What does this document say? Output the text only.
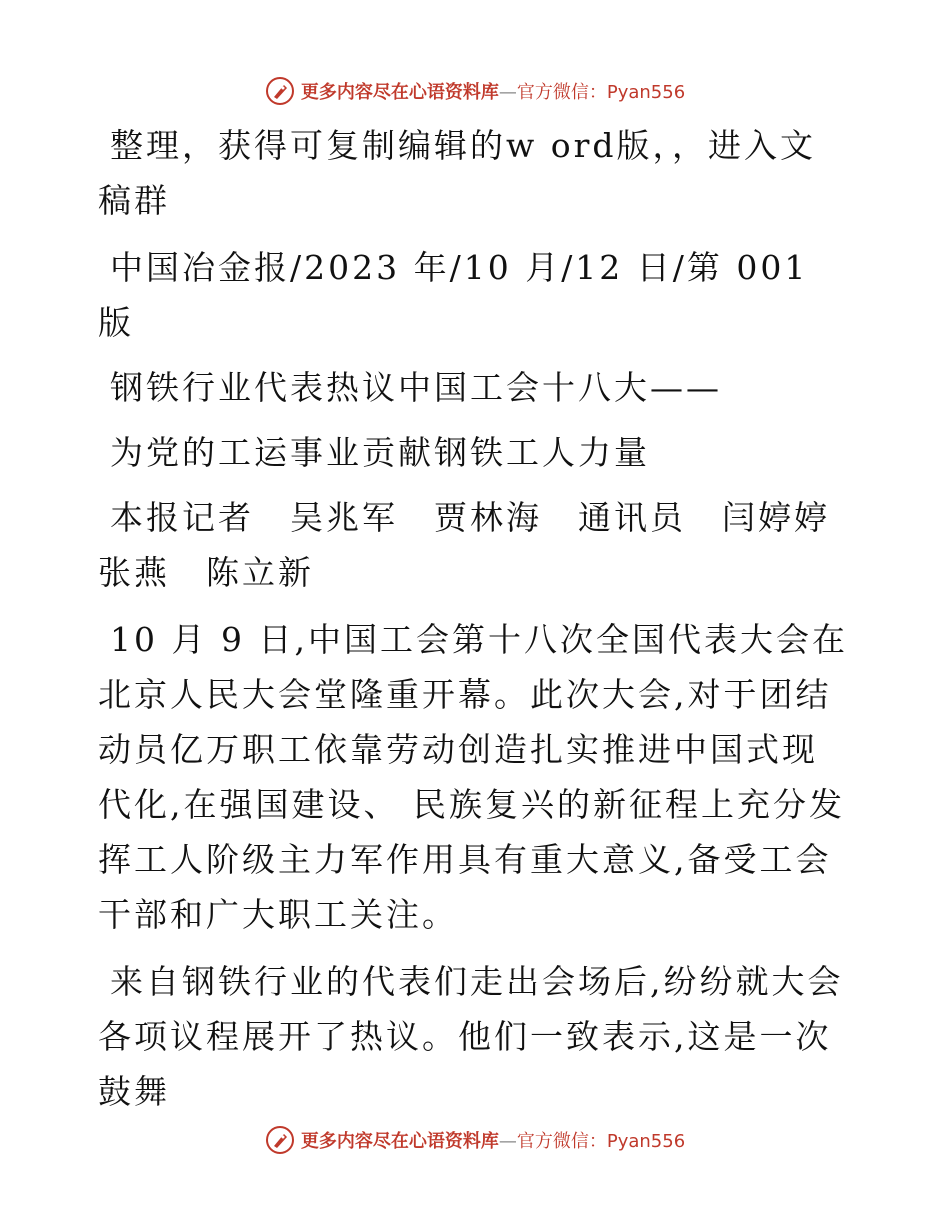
更多内容尽在心语资料库—官方微信：Pyan556

整理，获得可复制编辑的w ord版，，进入文稿群

中国冶金报/2023 年/10 月/12 日/第 001 版

钢铁行业代表热议中国工会十八大——

为党的工运事业贡献钢铁工人力量

本报记者　吴兆军　贾林海　通讯员　闫婷婷　张燕　陈立新

10 月 9 日,中国工会第十八次全国代表大会在北京人民大会堂隆重开幕。此次大会,对于团结动员亿万职工依靠劳动创造扎实推进中国式现代化,在强国建设、 民族复兴的新征程上充分发挥工人阶级主力军作用具有重大意义,备受工会干部和广大职工关注。

来自钢铁行业的代表们走出会场后,纷纷就大会各项议程展开了热议。他们一致表示,这是一次鼓舞

更多内容尽在心语资料库—官方微信：Pyan556
